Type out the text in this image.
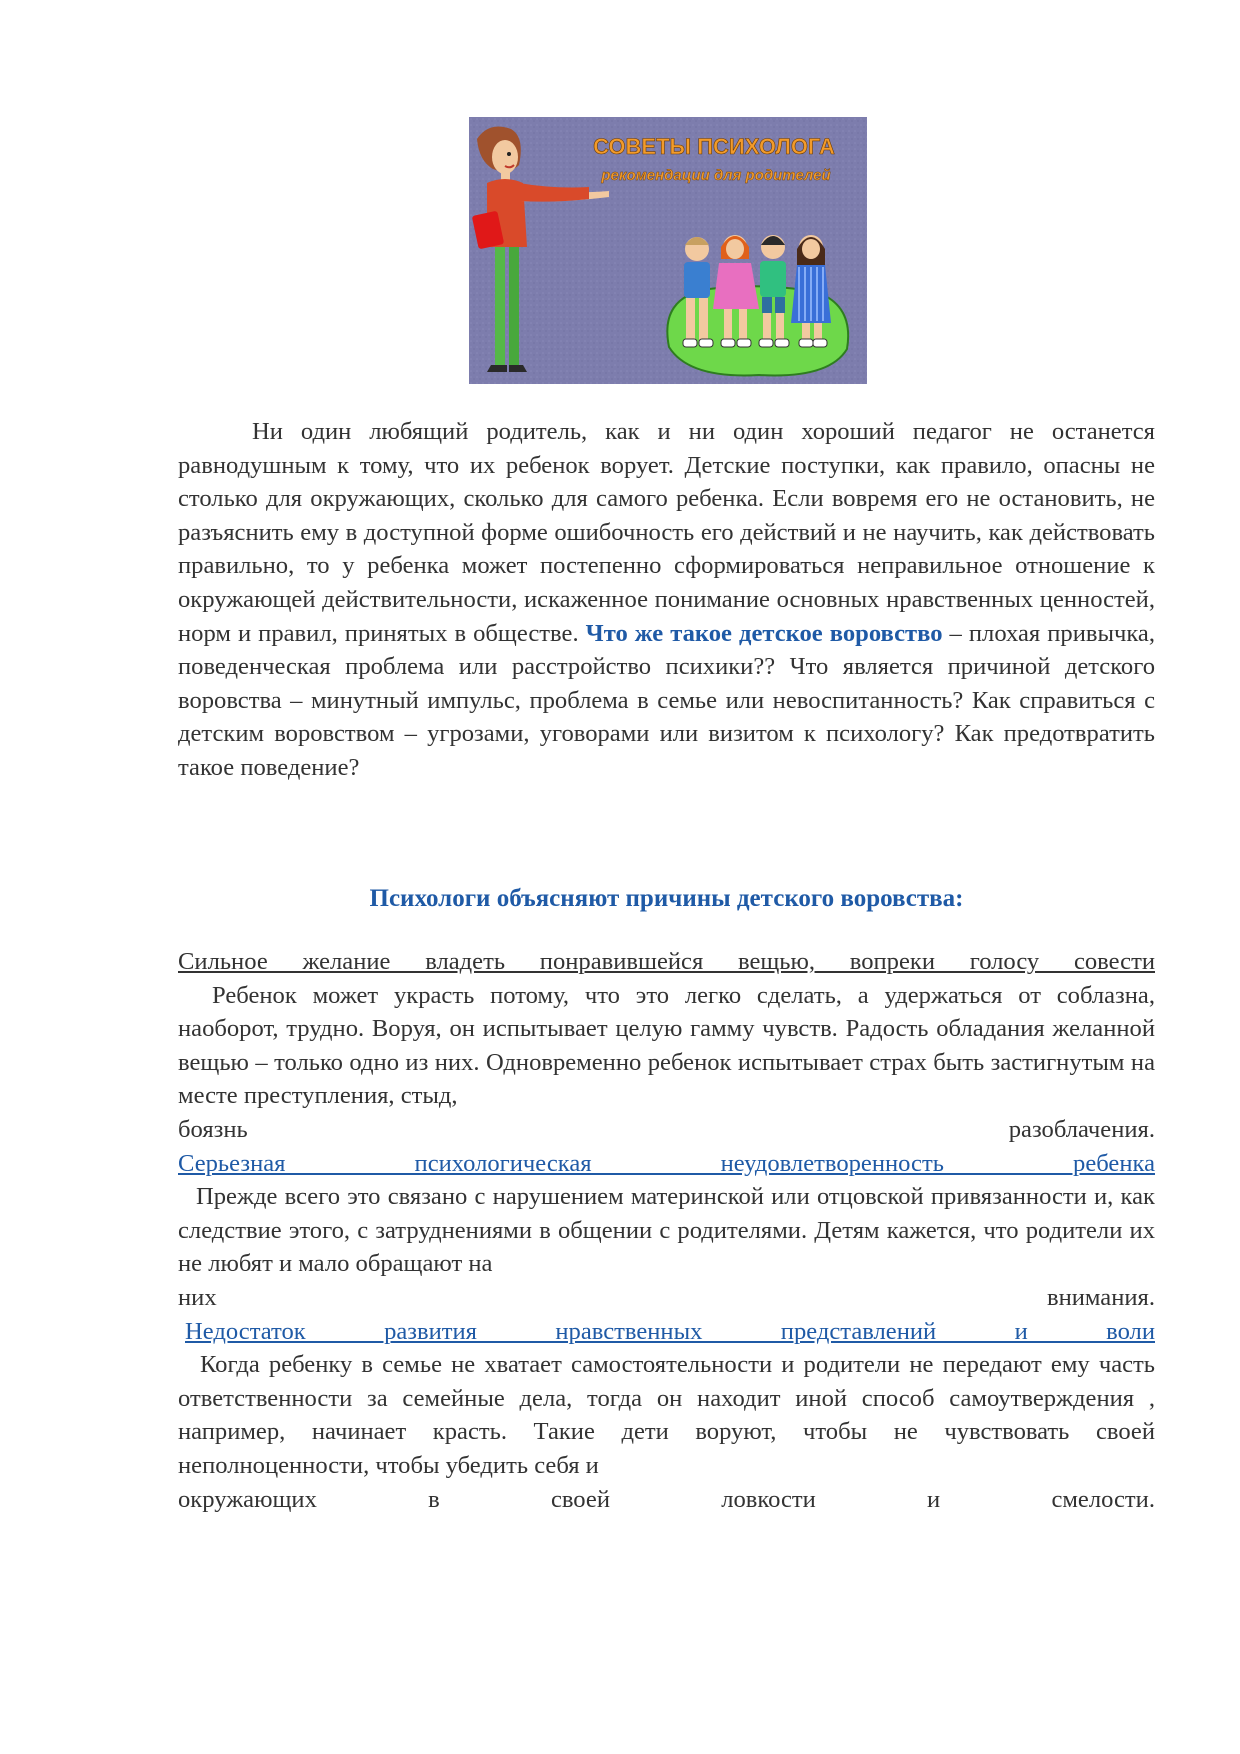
СОВЕТЫ ПСИХОЛОГА
рекомендации для родителей

Ни один любящий родитель, как и ни один хороший педагог не останется равнодушным к тому, что их ребенок ворует. Детские поступки, как правило, опасны не столько для окружающих, сколько для самого ребенка. Если вовремя его не остановить, не разъяснить ему в доступной форме ошибочность его действий и не научить, как действовать правильно, то у ребенка может постепенно сформироваться неправильное отношение к окружающей действительности, искаженное понимание основных нравственных ценностей, норм и правил, принятых в обществе. Что же такое детское воровство – плохая привычка, поведенческая проблема или расстройство психики?? Что является причиной детского воровства – минутный импульс, проблема в семье или невоспитанность? Как справиться с детским воровством – угрозами, уговорами или визитом к психологу? Как предотвратить такое поведение?

Психологи объясняют причины детского воровства:
Сильное желание владеть понравившейся вещью, вопреки голосу совести
Ребенок может украсть потому, что это легко сделать, а удержаться от соблазна, наоборот, трудно. Воруя, он испытывает целую гамму чувств. Радость обладания желанной вещью – только одно из них. Одновременно ребенок испытывает страх быть застигнутым на месте преступления, стыд,
боязнь разоблачения.
Серьезная психологическая неудовлетворенность ребенка
Прежде всего это связано с нарушением материнской или отцовской привязанности и, как следствие этого, с затруднениями в общении с родителями. Детям кажется, что родители их не любят и мало обращают на
них внимания.
Недостаток развития нравственных представлений и воли
Когда ребенку в семье не хватает самостоятельности и родители не передают ему часть ответственности за семейные дела, тогда он находит иной способ самоутверждения , например, начинает красть. Такие дети воруют, чтобы не чувствовать своей неполноценности, чтобы убедить себя и
окружающих в своей ловкости и смелости.
